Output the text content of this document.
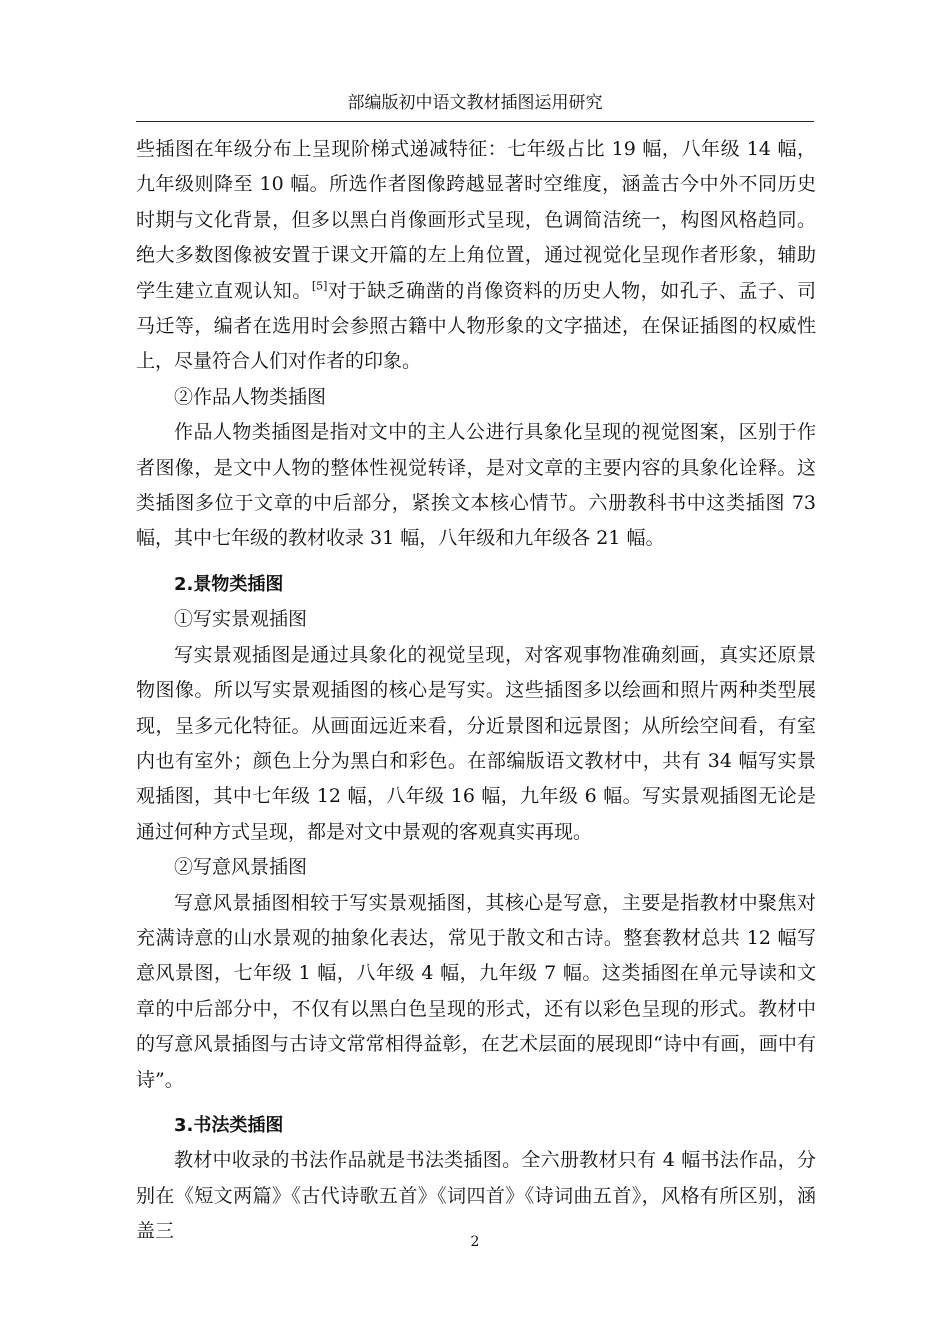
部编版初中语文教材插图运用研究

些插图在年级分布上呈现阶梯式递减特征：七年级占比 19 幅，八年级 14 幅，九年级则降至 10 幅。所选作者图像跨越显著时空维度，涵盖古今中外不同历史时期与文化背景，但多以黑白肖像画形式呈现，色调简洁统一，构图风格趋同。绝大多数图像被安置于课文开篇的左上角位置，通过视觉化呈现作者形象，辅助学生建立直观认知。[5]对于缺乏确凿的肖像资料的历史人物，如孔子、孟子、司马迁等，编者在选用时会参照古籍中人物形象的文字描述，在保证插图的权威性上，尽量符合人们对作者的印象。

②作品人物类插图

作品人物类插图是指对文中的主人公进行具象化呈现的视觉图案，区别于作者图像，是文中人物的整体性视觉转译，是对文章的主要内容的具象化诠释。这类插图多位于文章的中后部分，紧挨文本核心情节。六册教科书中这类插图 73 幅，其中七年级的教材收录 31 幅，八年级和九年级各 21 幅。

2.景物类插图

①写实景观插图

写实景观插图是通过具象化的视觉呈现，对客观事物准确刻画，真实还原景物图像。所以写实景观插图的核心是写实。这些插图多以绘画和照片两种类型展现，呈多元化特征。从画面远近来看，分近景图和远景图；从所绘空间看，有室内也有室外；颜色上分为黑白和彩色。在部编版语文教材中，共有 34 幅写实景观插图，其中七年级 12 幅，八年级 16 幅，九年级 6 幅。写实景观插图无论是通过何种方式呈现，都是对文中景观的客观真实再现。

②写意风景插图

写意风景插图相较于写实景观插图，其核心是写意，主要是指教材中聚焦对充满诗意的山水景观的抽象化表达，常见于散文和古诗。整套教材总共 12 幅写意风景图，七年级 1 幅，八年级 4 幅，九年级 7 幅。这类插图在单元导读和文章的中后部分中，不仅有以黑白色呈现的形式，还有以彩色呈现的形式。教材中的写意风景插图与古诗文常常相得益彰，在艺术层面的展现即“诗中有画，画中有诗”。

3.书法类插图

教材中收录的书法作品就是书法类插图。全六册教材只有 4 幅书法作品，分别在《短文两篇》《古代诗歌五首》《词四首》《诗词曲五首》，风格有所区别，涵盖三	2
